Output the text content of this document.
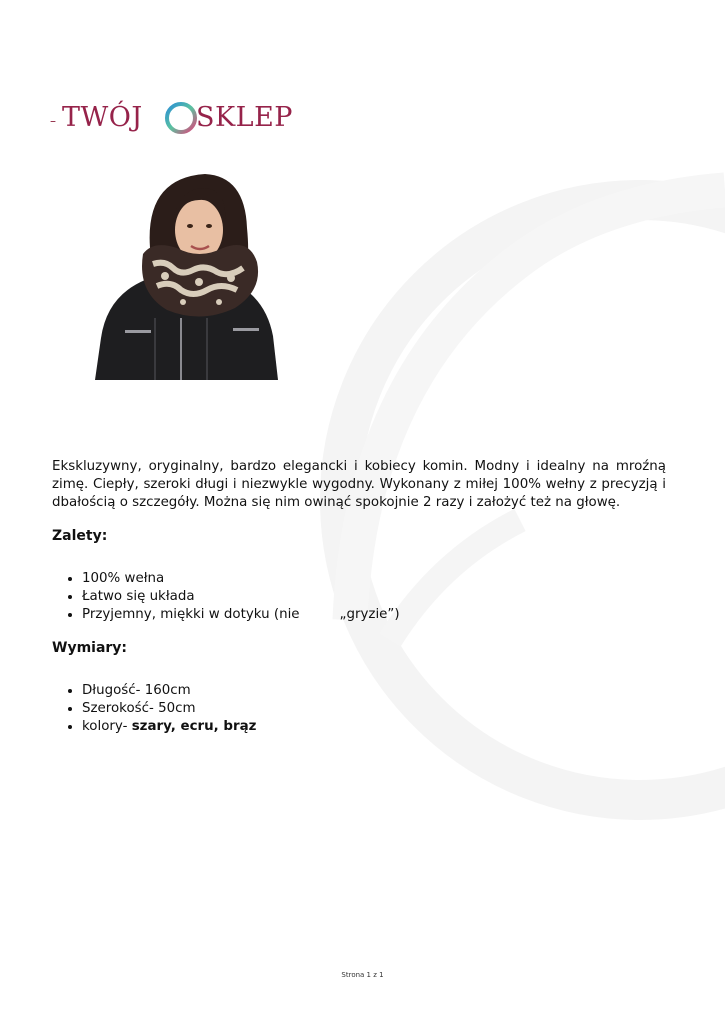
– TWÓJ SKLEP

Ekskluzywny, oryginalny, bardzo elegancki i kobiecy komin. Modny i idealny na mroźną zimę. Ciepły, szeroki długi i niezwykle wygodny. Wykonany z miłej 100% wełny z precyzją i dbałością o szczegóły. Można się nim owinąć spokojnie 2 razy i założyć też na głowę.

Zalety:
• 100% wełna
• Łatwo się układa
• Przyjemny, miękki w dotyku (nie	„gryzie”)
Wymiary:
• Długość- 160cm
• Szerokość- 50cm
• kolory- szary, ecru, brąz
Strona 1 z 1
